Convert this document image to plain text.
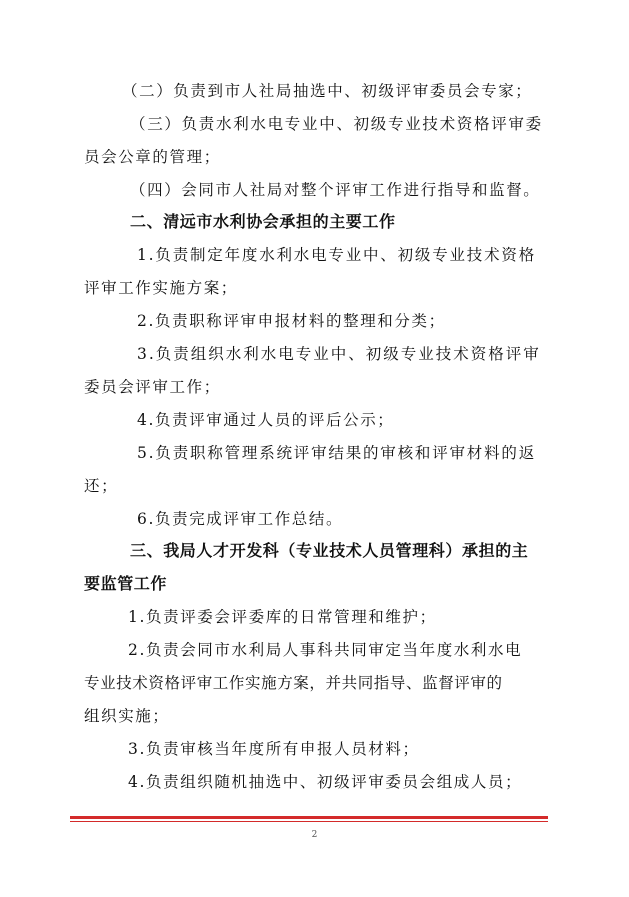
（二）负责到市人社局抽选中、初级评审委员会专家；
（三）负责水利水电专业中、初级专业技术资格评审委
员会公章的管理；
（四）会同市人社局对整个评审工作进行指导和监督。
二、清远市水利协会承担的主要工作
1.负责制定年度水利水电专业中、初级专业技术资格
评审工作实施方案；
2.负责职称评审申报材料的整理和分类；
3.负责组织水利水电专业中、初级专业技术资格评审
委员会评审工作；
4.负责评审通过人员的评后公示；
5.负责职称管理系统评审结果的审核和评审材料的返
还；
6.负责完成评审工作总结。
三、我局人才开发科（专业技术人员管理科）承担的主
要监管工作
1.负责评委会评委库的日常管理和维护；
2.负责会同市水利局人事科共同审定当年度水利水电
专业技术资格评审工作实施方案，并共同指导、监督评审的
组织实施；
3.负责审核当年度所有申报人员材料；
4.负责组织随机抽选中、初级评审委员会组成人员；
2
